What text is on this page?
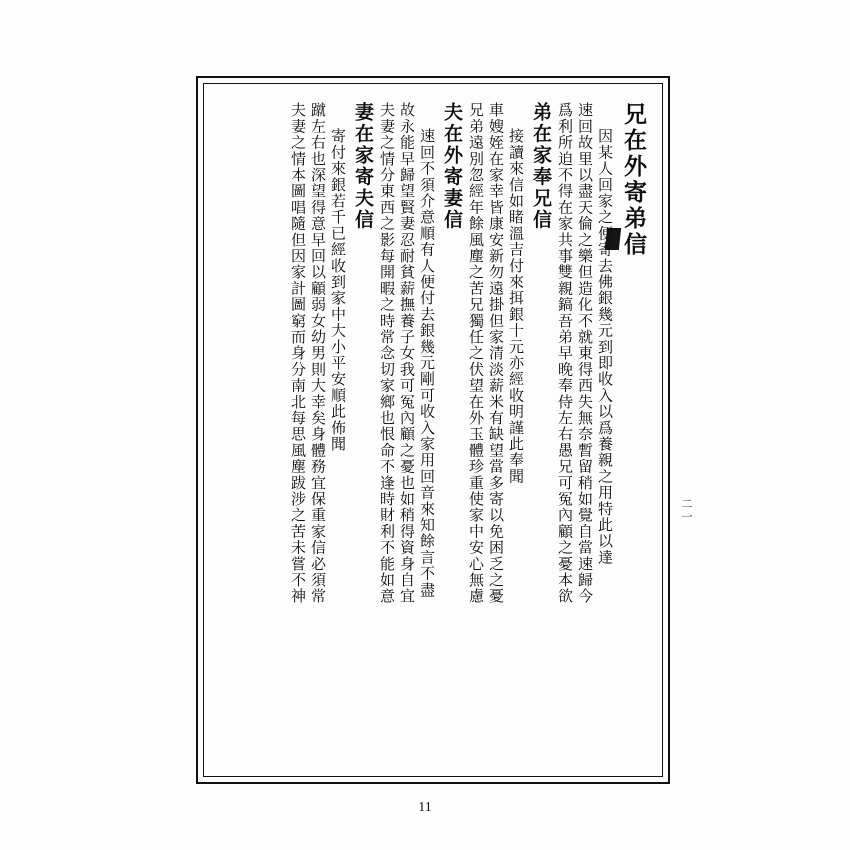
二一
兄在外寄弟信
因某人回家之便寄去佛銀幾元到即收入以爲養親之用特此以達
速回故里以盡天倫之樂但造化不就東得西失無奈暫留稍如覺自當速歸今
爲利所迫不得在家共事雙親鎬吾弟早晚奉侍左右愚兄可冤內顧之憂本欲
弟在家奉兄信
接讀來信如睹溫吉付來挕銀十元亦經收明謹此奉聞
車嫂姪在家幸皆康安新勿遠掛但家清淡薪米有缺望當多寄以免困乏之憂
兄弟遠別忽經年餘風塵之苦兄獨任之伏望在外玉體珍重使家中安心無慮
夫在外寄妻信
速回不須介意順有人便付去銀幾元剛可收入家用回音來知餘言不盡
故永能早歸望賢妻忍耐貧薪撫養子女我可冤內顧之憂也如稍得資身自宜
夫妻之情分東西之影每開暇之時常念切家鄉也恨命不逢時財利不能如意
妻在家寄夫信
寄付來銀若千已經收到家中大小平安順此佈聞
蹴左右也深望得意早回以顧弱女幼男則大幸矣身體務宜保重家信必須常
夫妻之情本圖唱隨但因家計圖窮而身分南北每思風塵跋涉之苦未嘗不神
11
